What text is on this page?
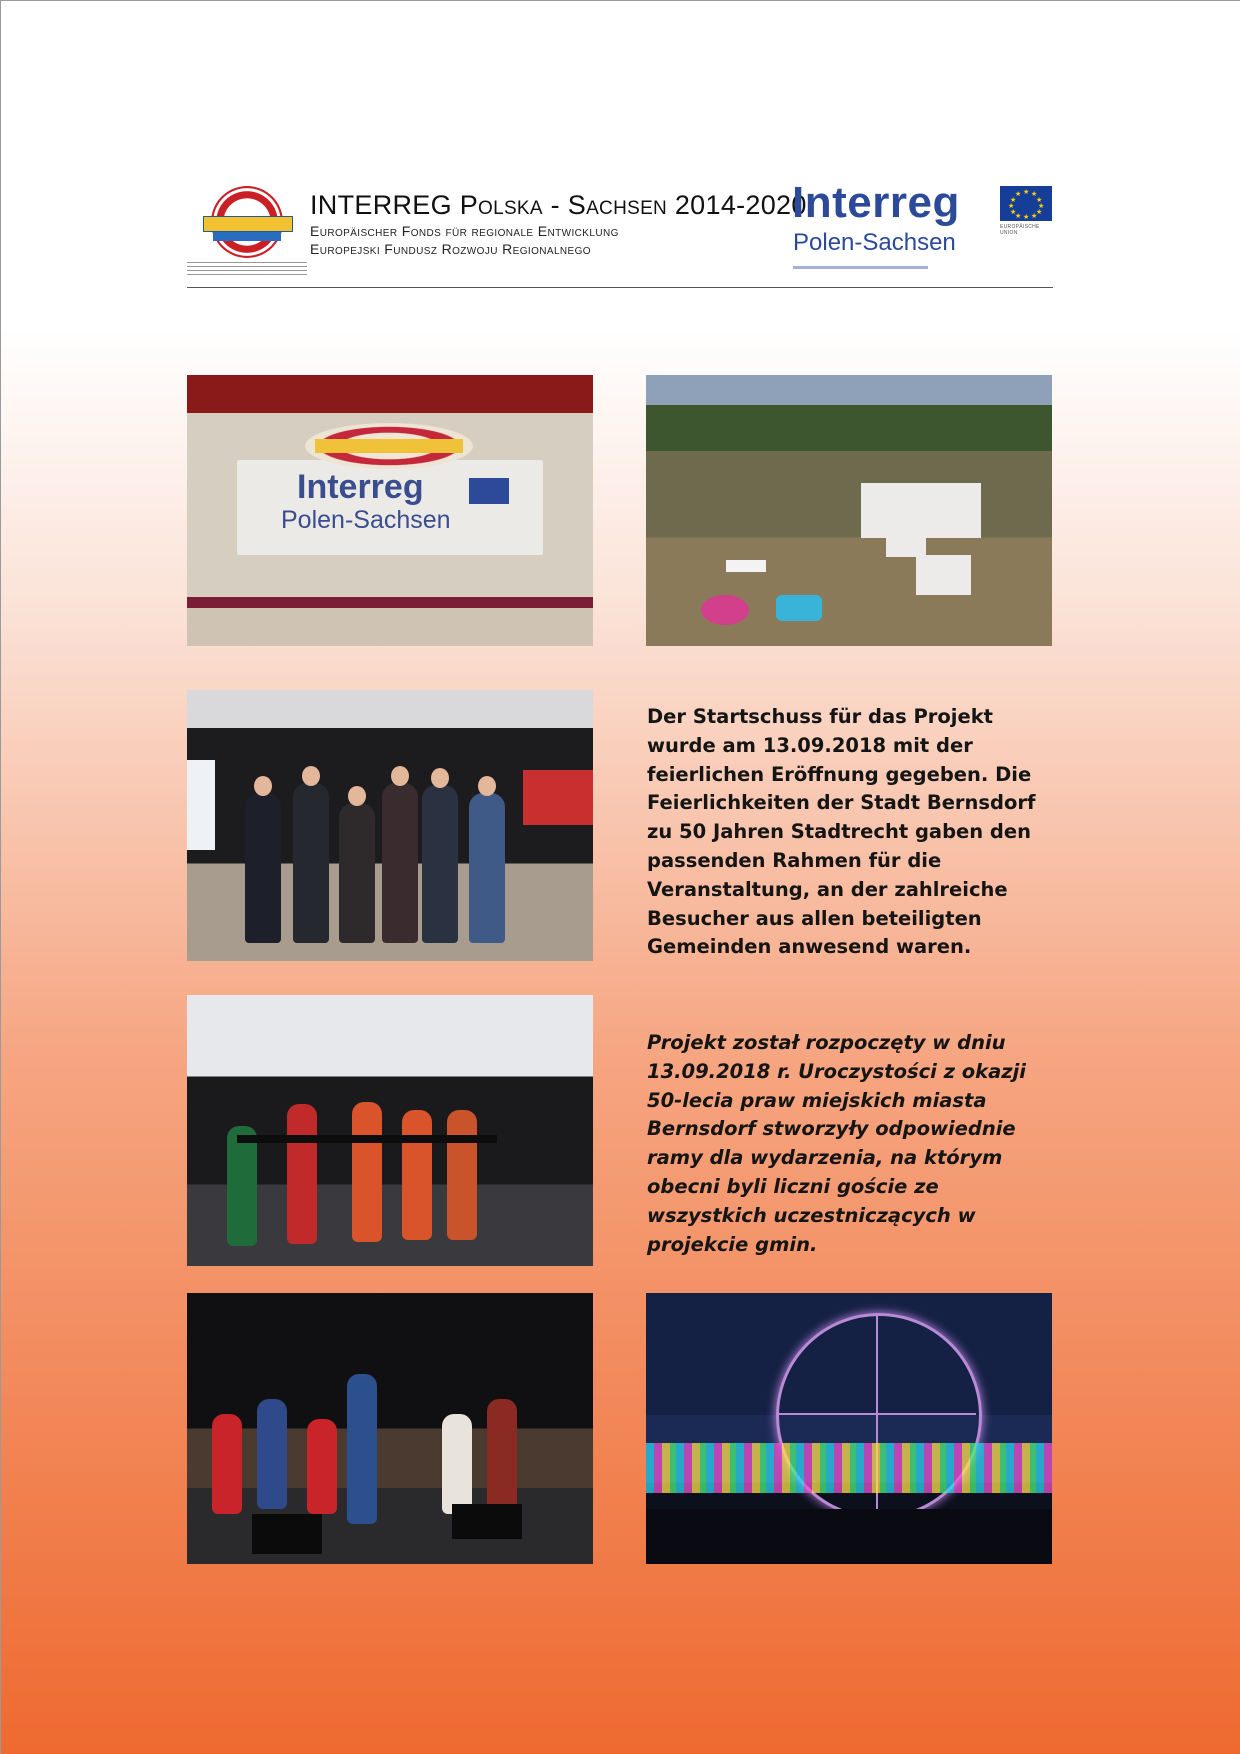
INTERREG Polska - Sachsen 2014-2020
Europäischer Fonds für regionale Entwicklung
Europejski Fundusz Rozwoju Regionalnego
Interreg
Polen-Sachsen
★ ★
★
★
★
★
★
★
★
★
★
★
EUROPÄISCHE UNION
Interreg
Polen-Sachsen
Der Startschuss für das Projekt wurde am 13.09.2018 mit der feierlichen Eröffnung gegeben. Die Feierlichkeiten der Stadt Bernsdorf zu 50 Jahren Stadtrecht gaben den passenden Rahmen für die Veranstaltung, an der zahlreiche Besucher aus allen beteiligten Gemeinden anwesend waren.
Projekt został rozpoczęty w dniu 13.09.2018 r. Uroczystości z okazji 50-lecia praw miejskich miasta Bernsdorf stworzyły odpowiednie ramy dla wydarzenia, na którym obecni byli liczni goście ze wszystkich uczestniczących w projekcie gmin.
